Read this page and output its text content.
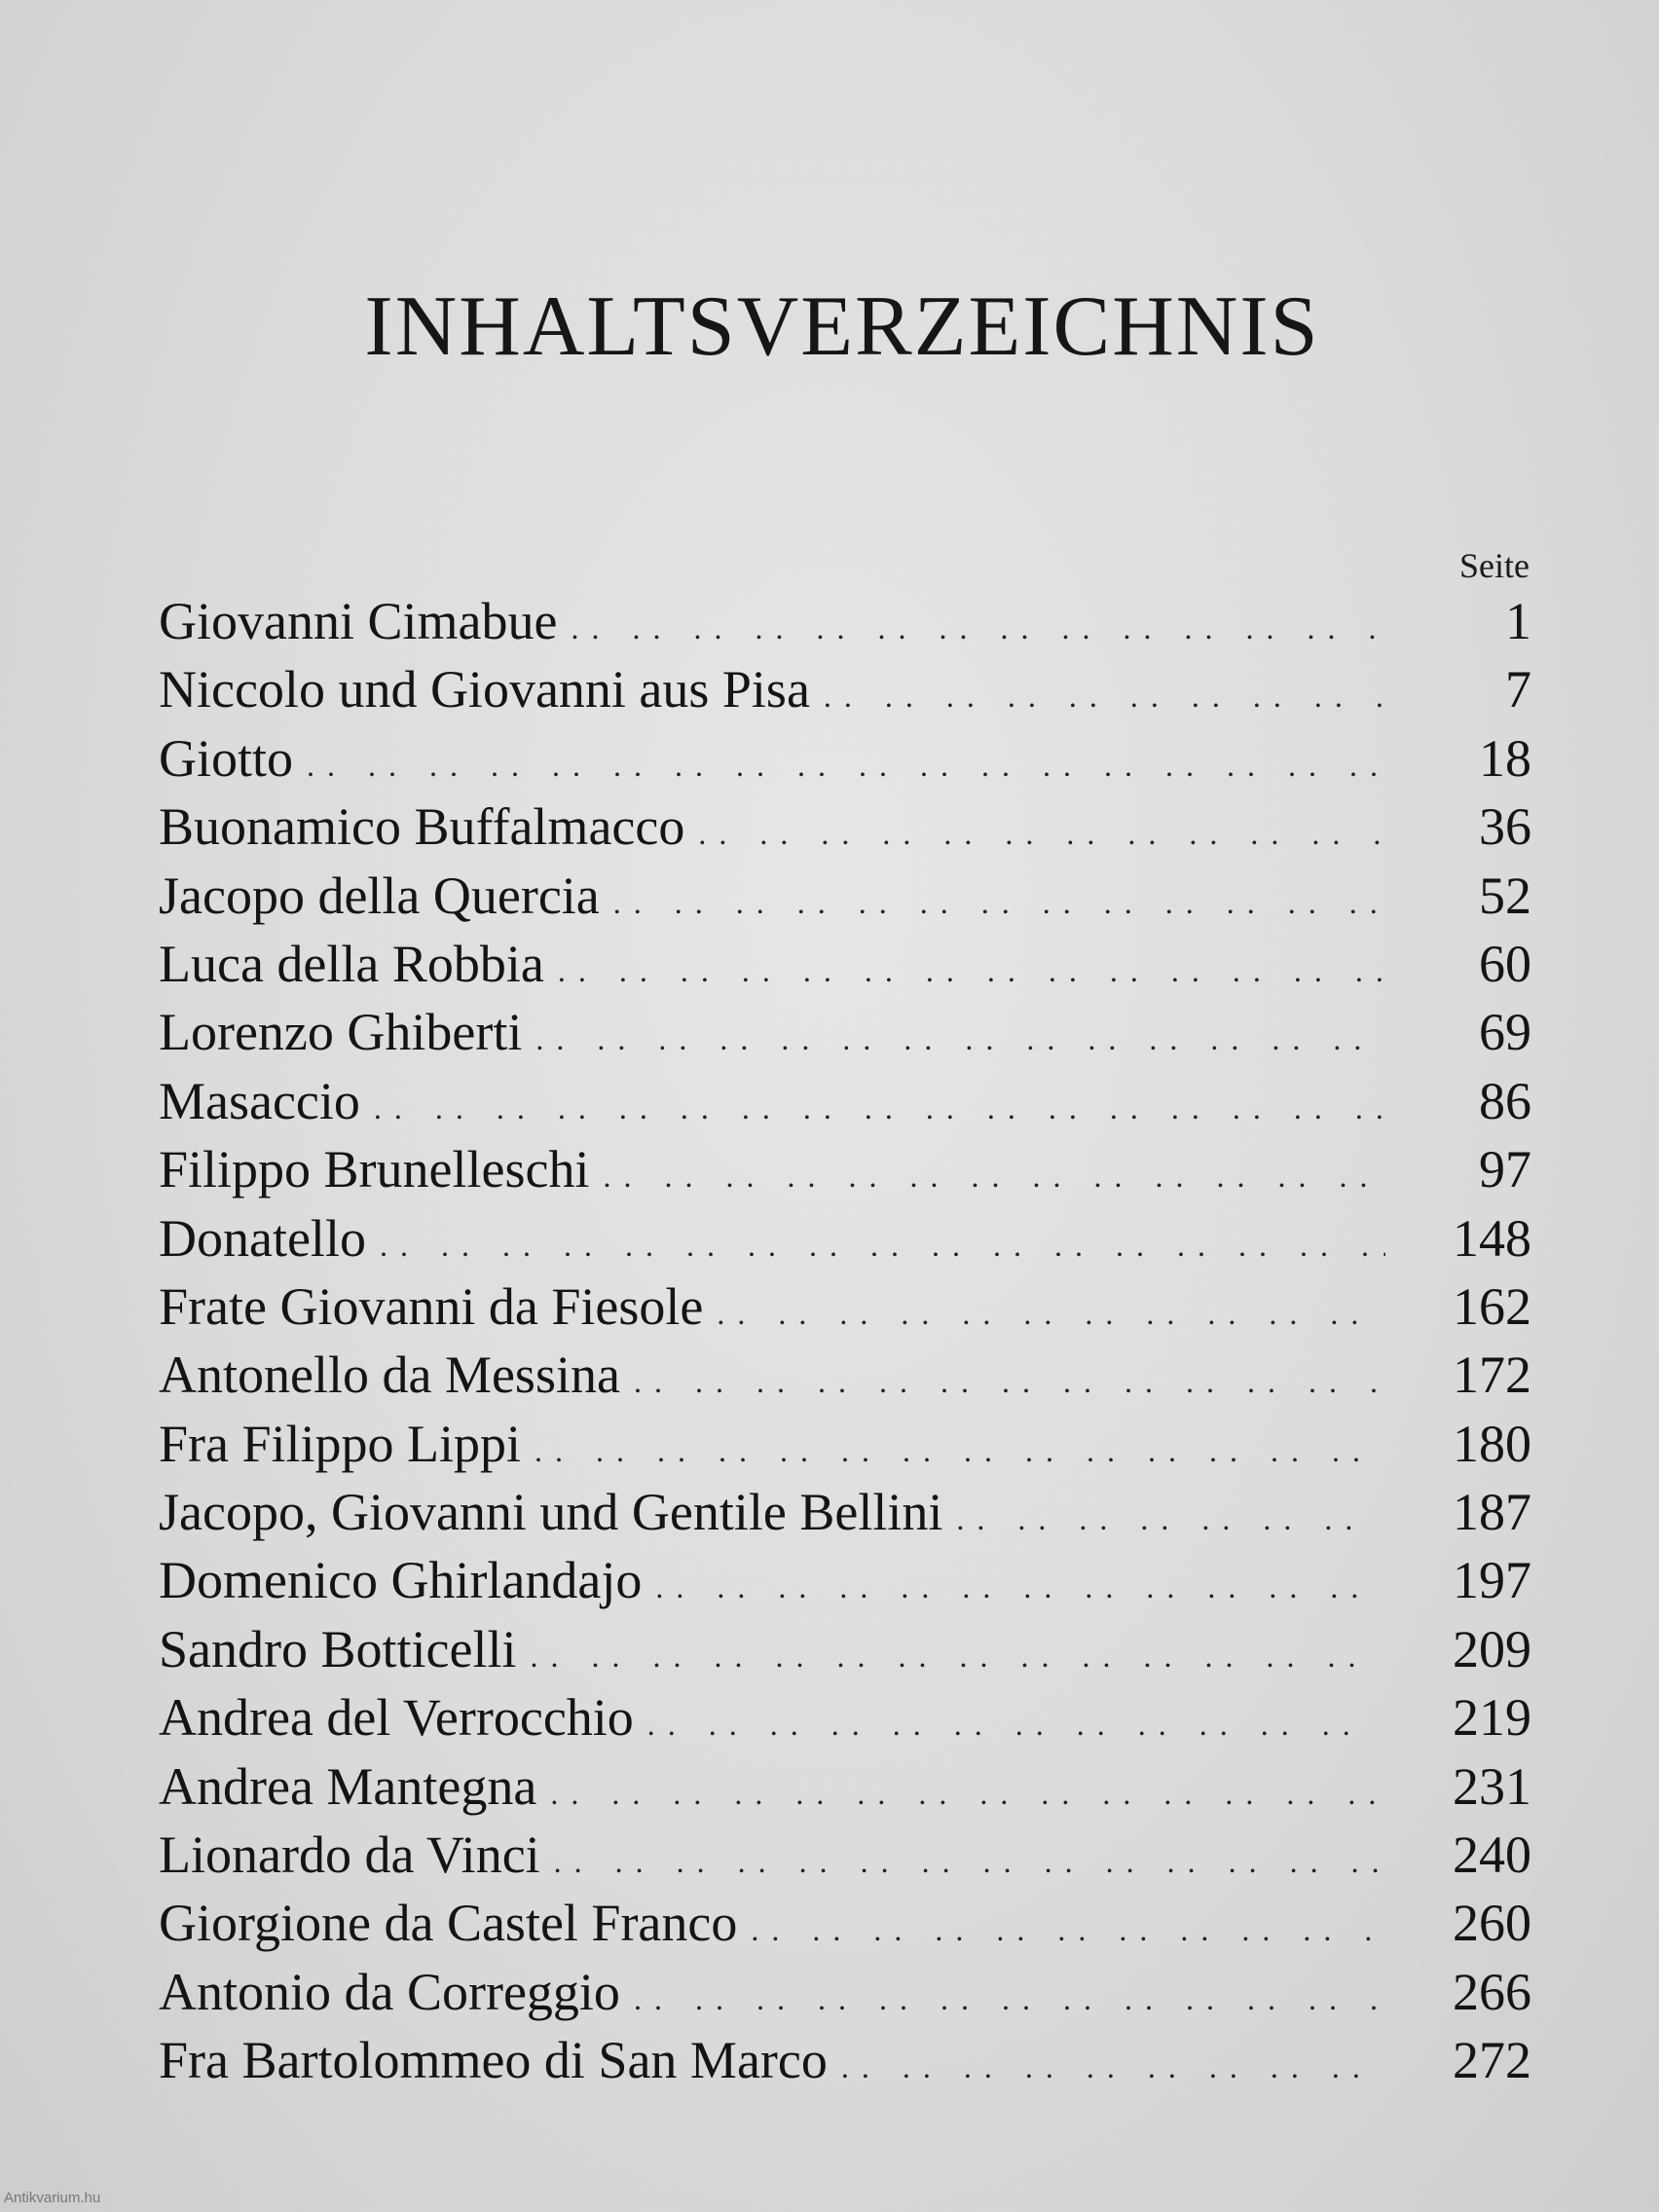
INHALTSVERZEICHNIS
Seite
Giovanni Cimabue .. ..	1
Niccolo und Giovanni aus Pisa .. ..	7
Giotto .. ..	18
Buonamico Buffalmacco .. ..	36
Jacopo della Quercia .. ..	52
Luca della Robbia .. ..	60
Lorenzo Ghiberti .. ..	69
Masaccio .. ..	86
Filippo Brunelleschi .. ..	97
Donatello .. ..	148
Frate Giovanni da Fiesole .. ..	162
Antonello da Messina .. ..	172
Fra Filippo Lippi .. ..	180
Jacopo, Giovanni und Gentile Bellini .. ..	187
Domenico Ghirlandajo .. ..	197
Sandro Botticelli .. ..	209
Andrea del Verrocchio .. ..	219
Andrea Mantegna .. ..	231
Lionardo da Vinci .. ..	240
Giorgione da Castel Franco .. ..	260
Antonio da Correggio .. ..	266
Fra Bartolommeo di San Marco .. ..	272
Antikvarium.hu
